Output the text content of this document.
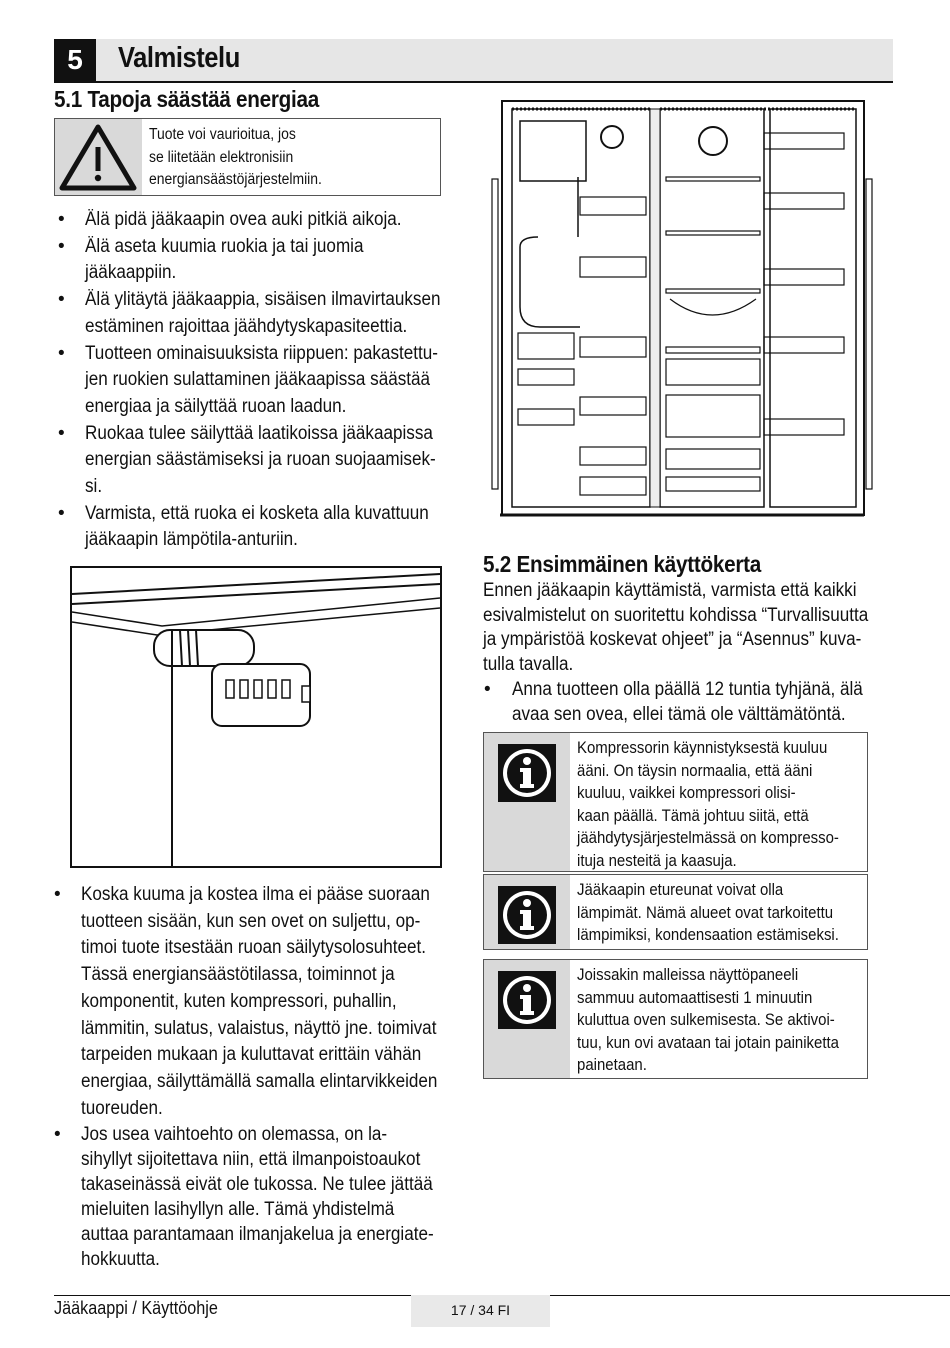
5	Valmistelu
5.1 Tapoja säästää energiaa
Tuote voi vaurioitua, jos
se liitetään elektronisiin
energiansäästöjärjestelmiin.
• Älä pidä jääkaapin ovea auki pitkiä aikoja.
• Älä aseta kuumia ruokia ja tai juomia
jääkaappiin.
• Älä ylitäytä jääkaappia, sisäisen ilmavirtauksen
estäminen rajoittaa jäähdytyskapasiteettia.
• Tuotteen ominaisuuksista riippuen: pakastettu-
jen ruokien sulattaminen jääkaapissa säästää
energiaa ja säilyttää ruoan laadun.
• Ruokaa tulee säilyttää laatikoissa jääkaapissa
energian säästämiseksi ja ruoan suojaamisek-
si.
• Varmista, että ruoka ei kosketa alla kuvattuun
jääkaapin lämpötila-anturiin.
• Koska kuuma ja kostea ilma ei pääse suoraan
tuotteen sisään, kun sen ovet on suljettu, op-
timoi tuote itsestään ruoan säilytysolosuhteet.
Tässä energiansäästötilassa, toiminnot ja
komponentit, kuten kompressori, puhallin,
lämmitin, sulatus, valaistus, näyttö jne. toimivat
tarpeiden mukaan ja kuluttavat erittäin vähän
energiaa, säilyttämällä samalla elintarvikkeiden
tuoreuden.
• Jos usea vaihtoehto on olemassa, on la-
sihyllyt sijoitettava niin, että ilmanpoistoaukot
takaseinässä eivät ole tukossa. Ne tulee jättää
mieluiten lasihyllyn alle. Tämä yhdistelmä
auttaa parantamaan ilmanjakelua ja energiate-
hokkuutta.
5.2 Ensimmäinen käyttökerta
Ennen jääkaapin käyttämistä, varmista että kaikki
esivalmistelut on suoritettu kohdissa “Turvallisuutta
ja ympäristöä koskevat ohjeet” ja “Asennus” kuva-
tulla tavalla.
• Anna tuotteen olla päällä 12 tuntia tyhjänä, älä
avaa sen ovea, ellei tämä ole välttämätöntä.
Kompressorin käynnistyksestä kuuluu
ääni. On täysin normaalia, että ääni
kuuluu, vaikkei kompressori olisi-
kaan päällä. Tämä johtuu siitä, että
jäähdytysjärjestelmässä on kompresso-
ituja nesteitä ja kaasuja.
Jääkaapin etureunat voivat olla
lämpimät. Nämä alueet ovat tarkoitettu
lämpimiksi, kondensaation estämiseksi.
Joissakin malleissa näyttöpaneeli
sammuu automaattisesti 1 minuutin
kuluttua oven sulkemisesta. Se aktivoi-
tuu, kun ovi avataan tai jotain painiketta
painetaan.
Jääkaappi / Käyttöohje	17 / 34 FI
